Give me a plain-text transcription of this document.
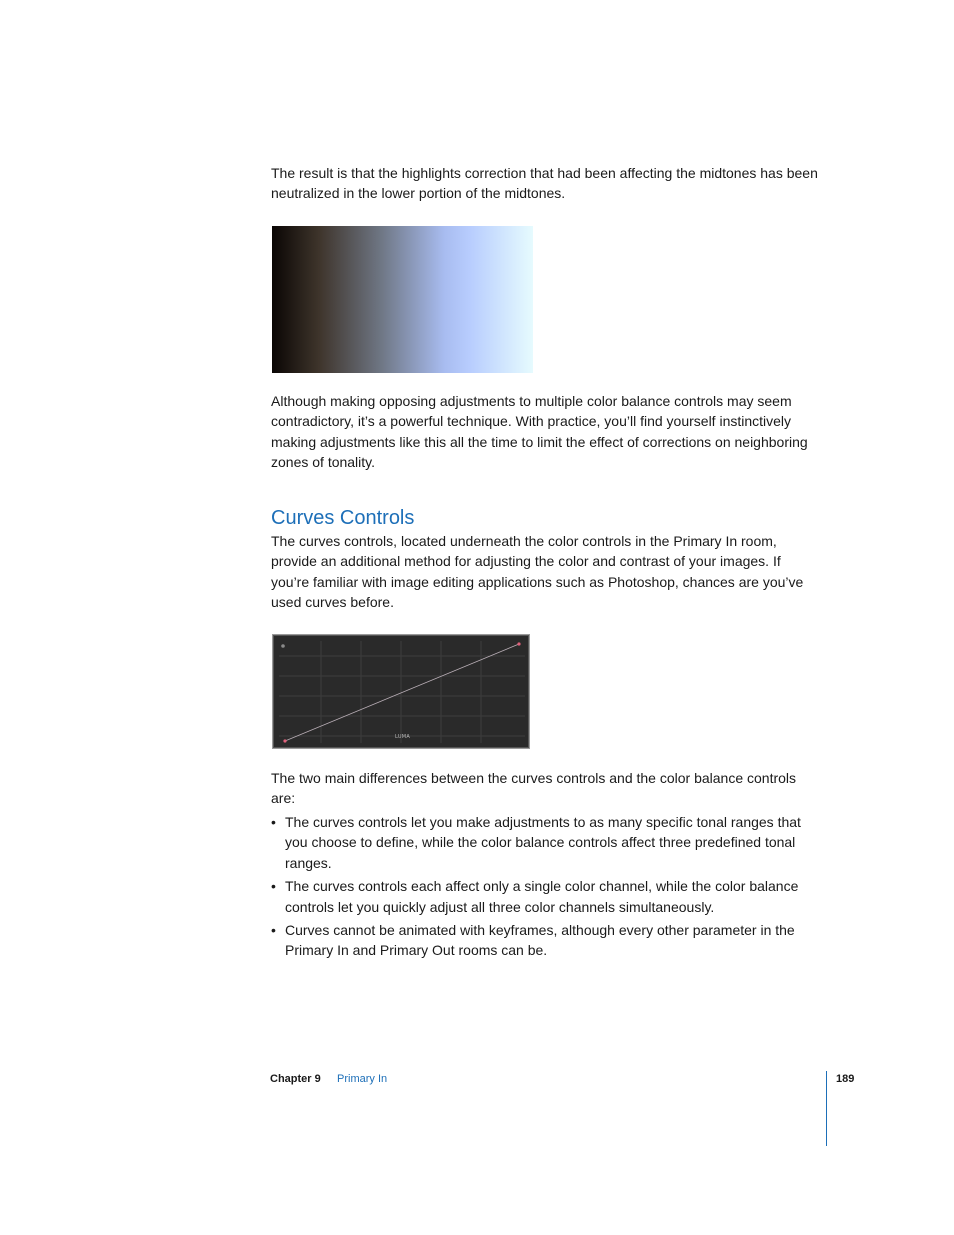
The result is that the highlights correction that had been affecting the midtones has been neutralized in the lower portion of the midtones.

Although making opposing adjustments to multiple color balance controls may seem contradictory, it’s a powerful technique. With practice, you’ll find yourself instinctively making adjustments like this all the time to limit the effect of corrections on neighboring zones of tonality.

Curves Controls

The curves controls, located underneath the color controls in the Primary In room, provide an additional method for adjusting the color and contrast of your images. If you’re familiar with image editing applications such as Photoshop, chances are you’ve used curves before.

LUMA

The two main differences between the curves controls and the color balance controls are:

• The curves controls let you make adjustments to as many specific tonal ranges that you choose to define, while the color balance controls affect three predefined tonal ranges.
• The curves controls each affect only a single color channel, while the color balance controls let you quickly adjust all three color channels simultaneously.
• Curves cannot be animated with keyframes, although every other parameter in the Primary In and Primary Out rooms can be.
Chapter 9 Primary In	189
